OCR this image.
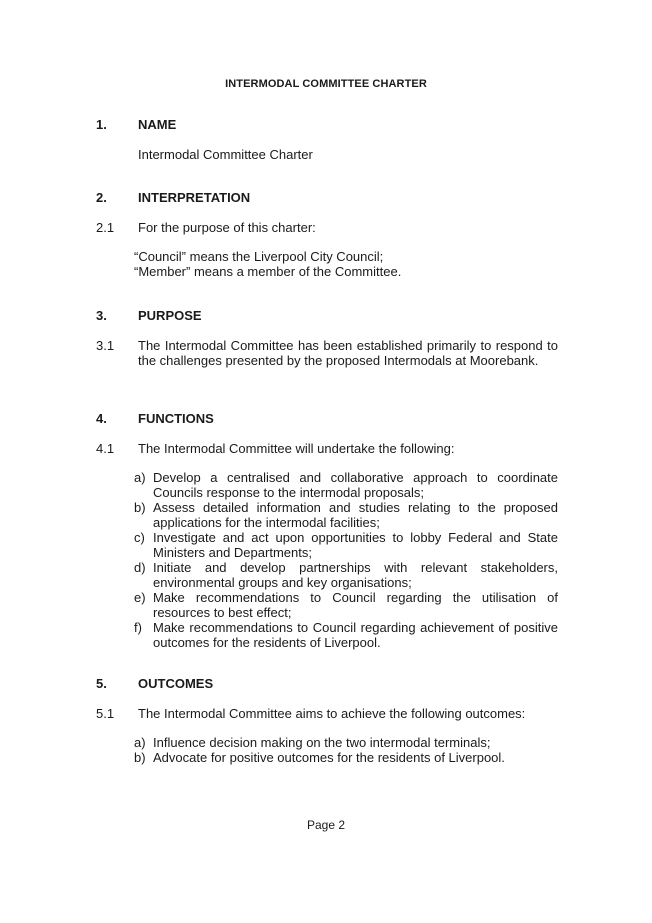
INTERMODAL COMMITTEE CHARTER
1. NAME
Intermodal Committee Charter
2. INTERPRETATION
2.1 For the purpose of this charter:
“Council” means the Liverpool City Council;
“Member” means a member of the Committee.
3. PURPOSE
3.1 The Intermodal Committee has been established primarily to respond to the challenges presented by the proposed Intermodals at Moorebank.
4. FUNCTIONS
4.1 The Intermodal Committee will undertake the following:
a) Develop a centralised and collaborative approach to coordinate Councils response to the intermodal proposals;
b) Assess detailed information and studies relating to the proposed applications for the intermodal facilities;
c) Investigate and act upon opportunities to lobby Federal and State Ministers and Departments;
d) Initiate and develop partnerships with relevant stakeholders, environmental groups and key organisations;
e) Make recommendations to Council regarding the utilisation of resources to best effect;
f) Make recommendations to Council regarding achievement of positive outcomes for the residents of Liverpool.
5. OUTCOMES
5.1 The Intermodal Committee aims to achieve the following outcomes:
a) Influence decision making on the two intermodal terminals;
b) Advocate for positive outcomes for the residents of Liverpool.
Page 2
